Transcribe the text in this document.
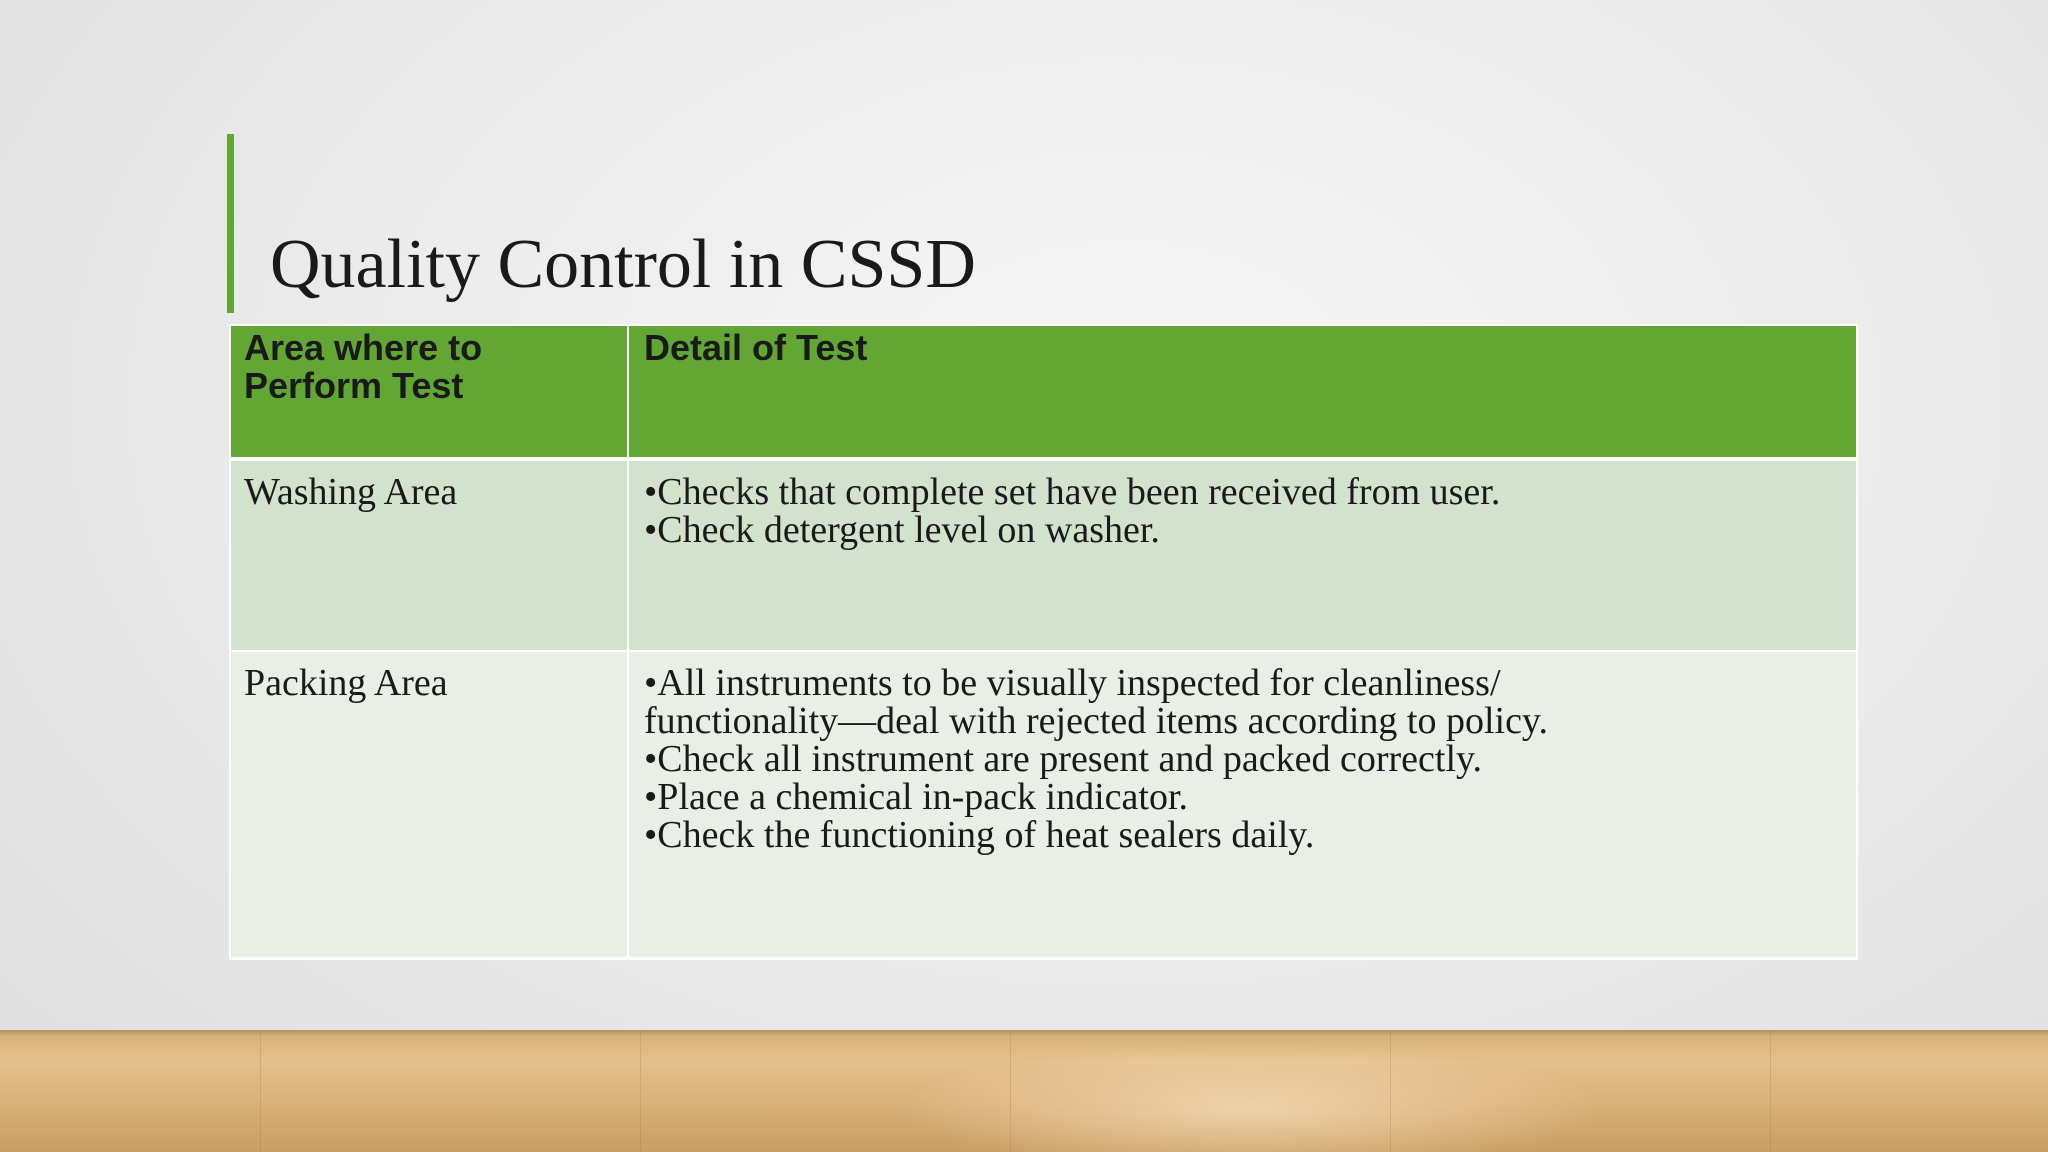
Quality Control in CSSD
Area where to Perform Test	Detail of Test
Washing Area	•Checks that complete set have been received from user.
•Check detergent level on washer.

Packing Area	•All instruments to be visually inspected for cleanliness/
functionality—deal with rejected items according to policy.
•Check all instrument are present and packed correctly.
•Place a chemical in-pack indicator.
•Check the functioning of heat sealers daily.
